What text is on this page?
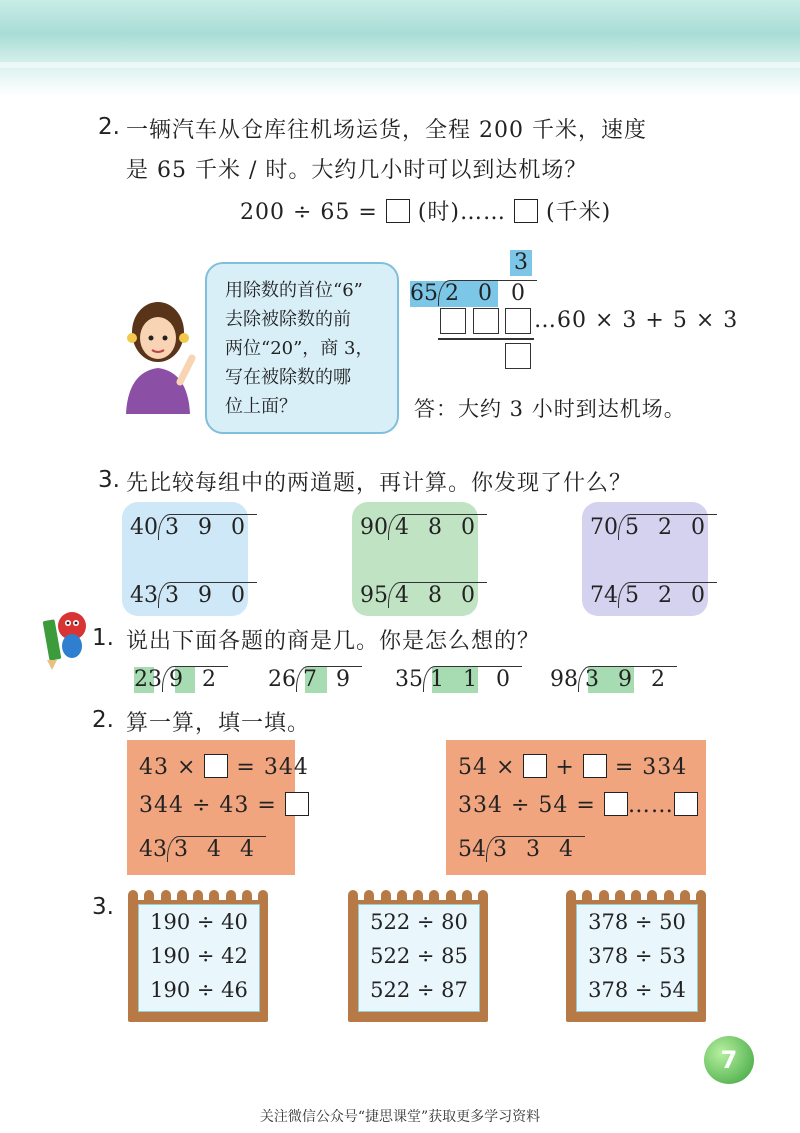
2. 一辆汽车从仓库往机场运货，全程 200 千米，速度
是 65 千米 / 时。大约几小时可以到达机场？
200 ÷ 65 = (时)…… (千米)
3
65 2 0 0
…60 × 3 + 5 × 3
用除数的首位“6”
去除被除数的前
两位“20”，商 3，
写在被除数的哪
位上面？	答：大约 3 小时到达机场。
3. 先比较每组中的两道题，再计算。你发现了什么？
40 3 9 0
43 3 9 0
90 4 8 0
95 4 8 0
70 5 2 0
74 5 2 0
1. 说出下面各题的商是几。你是怎么想的？
23 9 2 26 7 9 35 1 1 0 98 3 9 2
2. 算一算，填一填。
43 × = 344
344 ÷ 43 =
43 3 4 4
54 × + = 334
334 ÷ 54 = ……
54 3 3 4
3.
190 ÷ 40
190 ÷ 42
190 ÷ 46
522 ÷ 80
522 ÷ 85
522 ÷ 87
378 ÷ 50
378 ÷ 53
378 ÷ 54
7
关注微信公众号“捷思课堂”获取更多学习资料
